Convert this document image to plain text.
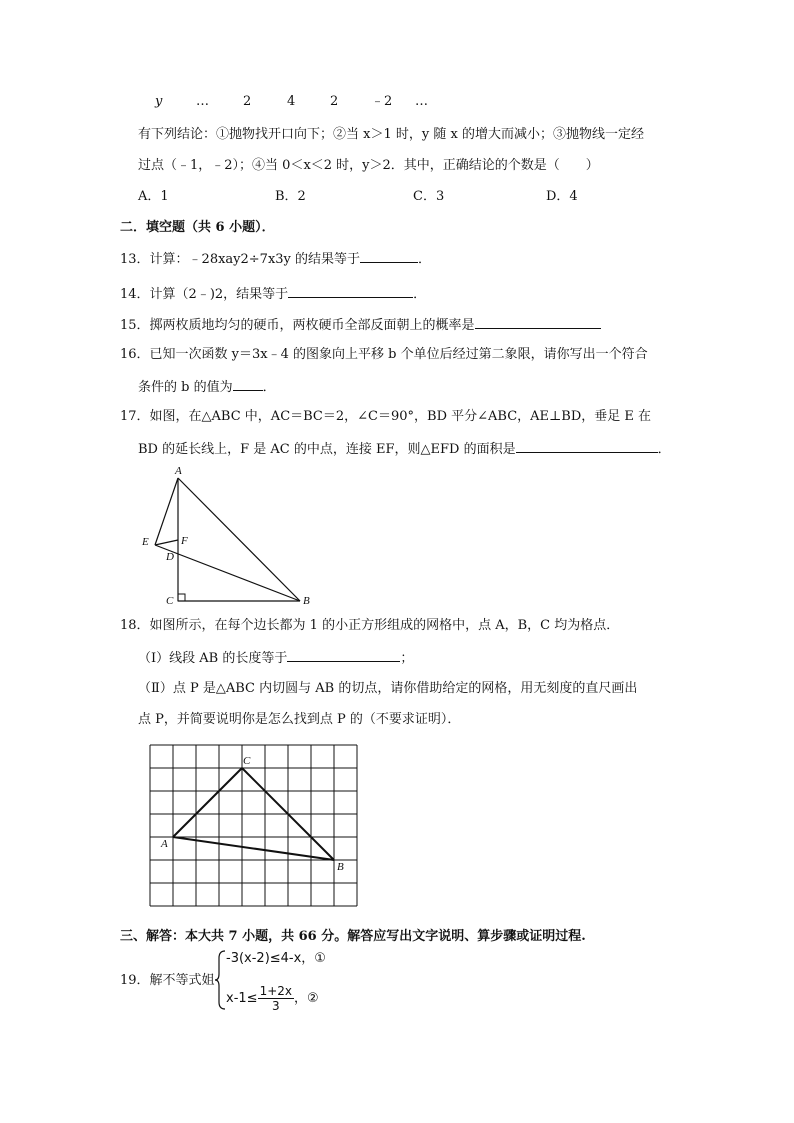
y	…	2	4	2	﹣2 …
有下列结论：①抛物找开口向下；②当 x＞1 时，y 随 x 的增大而减小；③抛物线一定经
过点（﹣1，﹣2）；④当 0＜x＜2 时，y＞2．其中，正确结论的个数是（　　）
A．1	B．2	C．3	D．4
二．填空题（共 6 小题）．
13．计算：﹣28xay2÷7x3y 的结果等于	．
14．计算（2﹣)2，结果等于	．
15．掷两枚质地均匀的硬币，两枚硬币全部反面朝上的概率是
16．已知一次函数 y＝3x﹣4 的图象向上平移 b 个单位后经过第二象限，请你写出一个符合
条件的 b 的值为 ．
17．如图，在△ABC 中，AC＝BC＝2，∠C＝90°，BD 平分∠ABC，AE⊥BD，垂足 E 在
BD 的延长线上，F 是 AC 的中点，连接 EF，则△EFD 的面积是	．
A
E	F
D
C	B
18．如图所示，在每个边长都为 1 的小正方形组成的网格中，点 A，B，C 均为格点．
（Ⅰ）线段 AB 的长度等于	；
（Ⅱ）点 P 是△ABC 内切圆与 AB 的切点，请你借助给定的网格，用无刻度的直尺画出
点 P，并简要说明你是怎么找到点 P 的（不要求证明）．
C
A
B
三、解答：本大共 7 小题，共 66 分。解答应写出文字说明、算步骤或证明过程.
19．解不等式姐
-3(x-2)≤4-x，①
$x-1\le \frac{1+2x}{3}$ ，②
